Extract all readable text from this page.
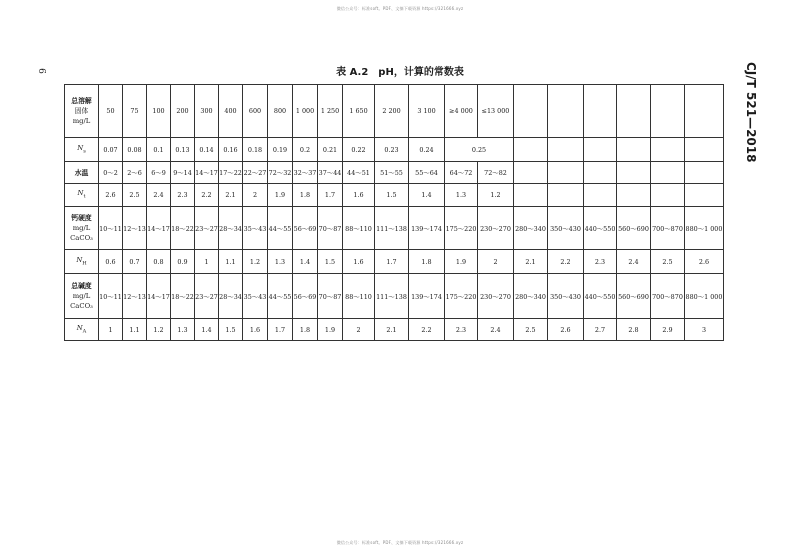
微信公众号：标准soft。PDF、文摘下载资源 https://321666.xyz
6	CJ/T 521—2018
表 A.2　pH，计算的常数表
总溶解
固体
mg/L	50	75	100	200	300	400	600	800	1 000	1 250	1 650	2 200	3 100	≥4 000	≤13 000						
$N_s$	0.07	0.08	0.1	0.13	0.14	0.16	0.18	0.19	0.2	0.21	0.22	0.23	0.24	0.25							
水温	0～2	2～6	6～9	9～14	14～17	17～22	22～27	72～32	32～37	37～44	44～51	51～55	55～64	64～72	72～82						
$N_t$	2.6	2.5	2.4	2.3	2.2	2.1	2	1.9	1.8	1.7	1.6	1.5	1.4	1.3	1.2						
钙硬度
mg/L
CaCO₃	10～11	12～13	14～17	18～22	23～27	28～34	35～43	44～55	56～69	70～87	88～110	111～138	139～174	175～220	230～270	280～340	350～430	440～550	560～690	700～870	880～1 000
$N_H$	0.6	0.7	0.8	0.9	1	1.1	1.2	1.3	1.4	1.5	1.6	1.7	1.8	1.9	2	2.1	2.2	2.3	2.4	2.5	2.6
总碱度
mg/L
CaCO₃	10～11	12～13	14～17	18～22	23～27	28～34	35～43	44～55	56～69	70～87	88～110	111～138	139～174	175～220	230～270	280～340	350～430	440～550	560～690	700～870	880～1 000
$N_A$	1	1.1	1.2	1.3	1.4	1.5	1.6	1.7	1.8	1.9	2	2.1	2.2	2.3	2.4	2.5	2.6	2.7	2.8	2.9	3
微信公众号：标准soft。PDF、文摘下载资源 https://321666.xyz
